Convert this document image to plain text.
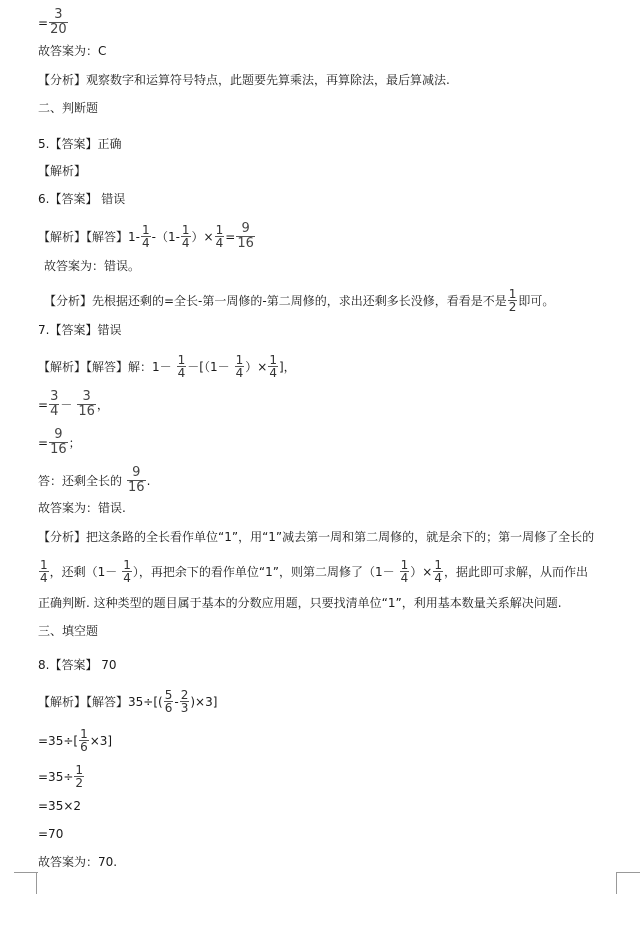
= $\frac{3}{20}$
故答案为：C
【分析】观察数字和运算符号特点，此题要先算乘法，再算除法，最后算减法.
二、判断题
5.【答案】正确
【解析】
6.【答案】 错误
【解析】【解答】$1- \frac{1}{4} -(1- \frac{1}{4}$ ）× $\frac{1}{4} = \frac{9}{16}$
故答案为：错误。
【分析】先根据还剩的=全长-第一周修的-第二周修的，求出还剩多长没修，看看是不是 $\frac{1}{2}$ 即可。
7.【答案】错误
【解析】【解答】解：$1- \frac{1}{4} -[(1- \frac{1}{4}$ ）× $\frac{1}{4}$ ]，
= $\frac{3}{4} - \frac{3}{16}$ ，
= $\frac{9}{16}$ ；
答：还剩全长的 $\frac{9}{16}$ .
故答案为：错误.
【分析】把这条路的全长看作单位“1”，用“1”减去第一周和第二周修的，就是余下的；第一周修了全长的
$\frac{1}{4}$ ，还剩（$1- \frac{1}{4}$ ），再把余下的看作单位“1”，则第二周修了（$1- \frac{1}{4}$ ）× $\frac{1}{4}$ ，据此即可求解，从而作出
正确判断. 这种类型的题目属于基本的分数应用题，只要找清单位“1”，利用基本数量关系解决问题.
三、填空题
8.【答案】 70
【解析】【解答】$35\div[( \frac{5}{6} - \frac{2}{3} )\times 3]$
$=35\div[ \frac{1}{6} \times 3]$
$=35\div \frac{1}{2}$
=35×2
=70
故答案为：70.
